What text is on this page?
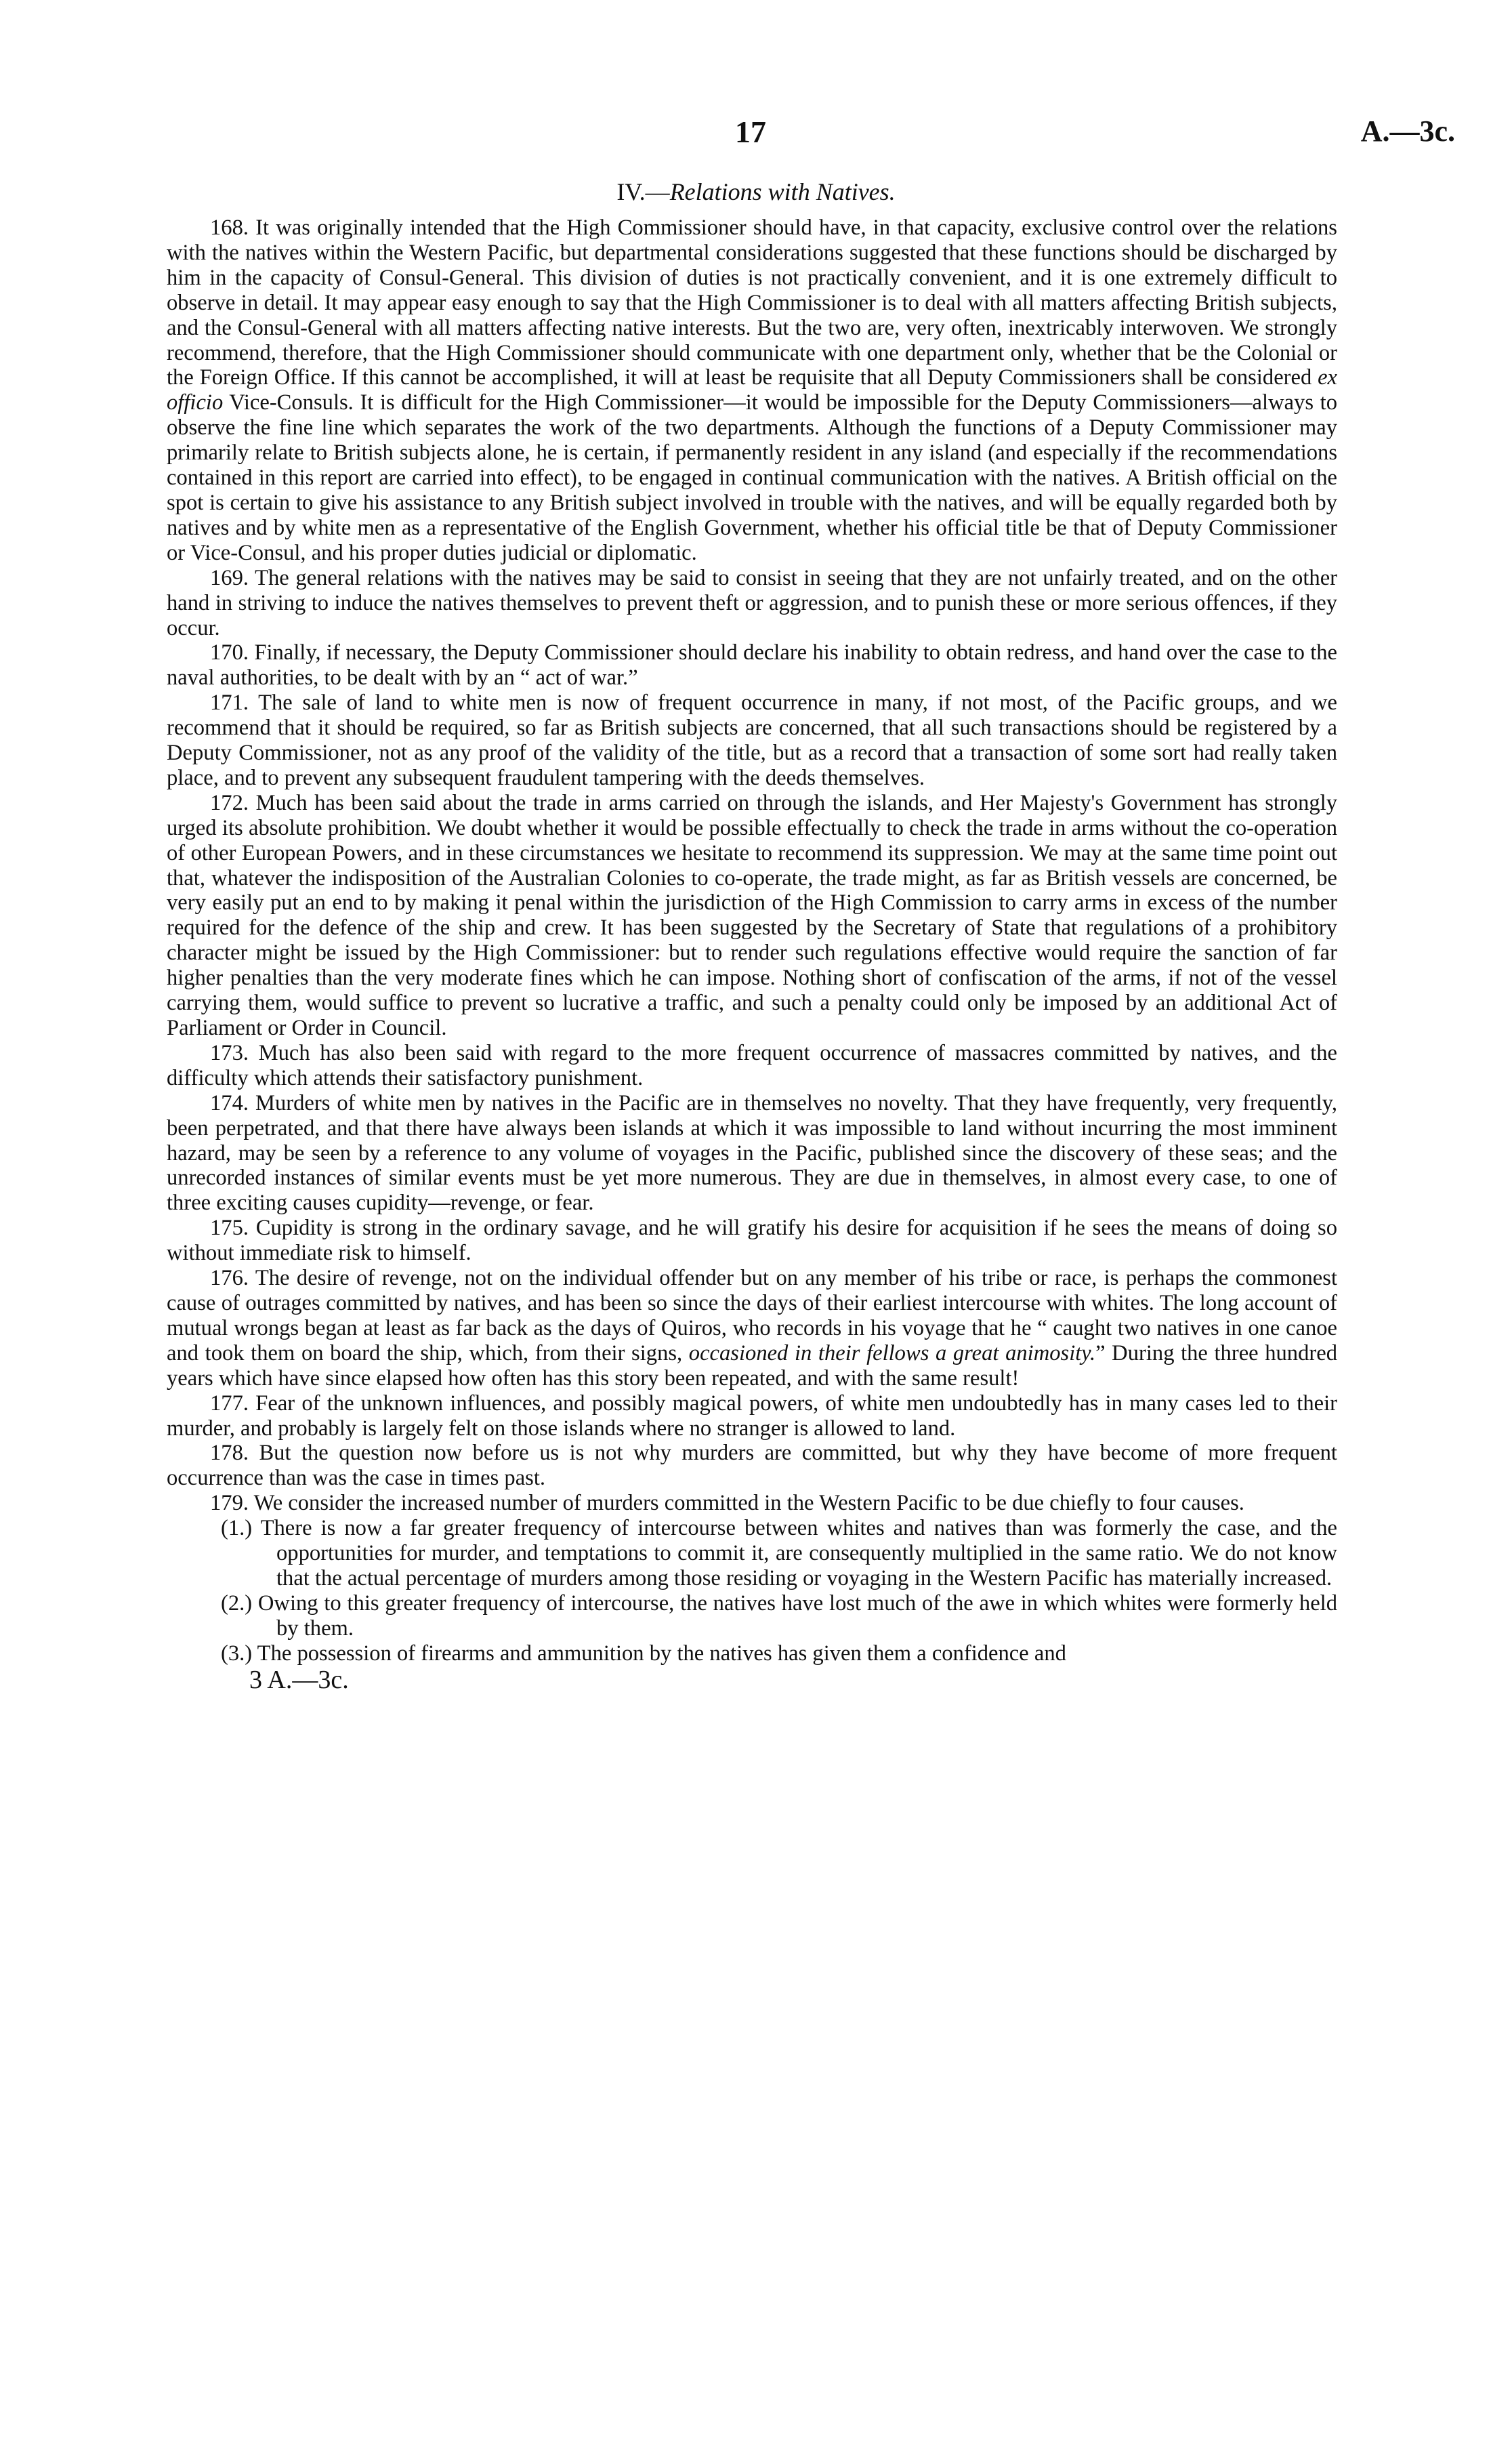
17	A.—3c.
IV.—Relations with Natives.

168. It was originally intended that the High Commissioner should have, in that capacity, exclusive control over the relations with the natives within the Western Pacific, but departmental considerations suggested that these functions should be discharged by him in the capacity of Consul-General. This division of duties is not practically convenient, and it is one extremely difficult to observe in detail. It may appear easy enough to say that the High Commissioner is to deal with all matters affecting British subjects, and the Consul-General with all matters affecting native interests. But the two are, very often, inextricably interwoven. We strongly recommend, therefore, that the High Commissioner should communicate with one department only, whether that be the Colonial or the Foreign Office. If this cannot be accomplished, it will at least be requisite that all Deputy Commissioners shall be considered ex officio Vice-Consuls. It is difficult for the High Commissioner—it would be impossible for the Deputy Commissioners—always to observe the fine line which separates the work of the two departments. Although the functions of a Deputy Commissioner may primarily relate to British subjects alone, he is certain, if permanently resident in any island (and especially if the recommendations contained in this report are carried into effect), to be engaged in continual communication with the natives. A British official on the spot is certain to give his assistance to any British subject involved in trouble with the natives, and will be equally regarded both by natives and by white men as a representative of the English Government, whether his official title be that of Deputy Commissioner or Vice-Consul, and his proper duties judicial or diplomatic.

169. The general relations with the natives may be said to consist in seeing that they are not unfairly treated, and on the other hand in striving to induce the natives themselves to prevent theft or aggression, and to punish these or more serious offences, if they occur.

170. Finally, if necessary, the Deputy Commissioner should declare his inability to obtain redress, and hand over the case to the naval authorities, to be dealt with by an “ act of war.”

171. The sale of land to white men is now of frequent occurrence in many, if not most, of the Pacific groups, and we recommend that it should be required, so far as British subjects are concerned, that all such transactions should be registered by a Deputy Commissioner, not as any proof of the validity of the title, but as a record that a transaction of some sort had really taken place, and to prevent any subsequent fraudulent tampering with the deeds themselves.

172. Much has been said about the trade in arms carried on through the islands, and Her Majesty's Government has strongly urged its absolute prohibition. We doubt whether it would be possible effectually to check the trade in arms without the co-operation of other European Powers, and in these circumstances we hesitate to recommend its suppression. We may at the same time point out that, whatever the indisposition of the Australian Colonies to co-operate, the trade might, as far as British vessels are concerned, be very easily put an end to by making it penal within the jurisdiction of the High Commission to carry arms in excess of the number required for the defence of the ship and crew. It has been suggested by the Secretary of State that regulations of a prohibitory character might be issued by the High Commissioner: but to render such regulations effective would require the sanction of far higher penalties than the very moderate fines which he can impose. Nothing short of confiscation of the arms, if not of the vessel carrying them, would suffice to prevent so lucrative a traffic, and such a penalty could only be imposed by an additional Act of Parliament or Order in Council.

173. Much has also been said with regard to the more frequent occurrence of massacres committed by natives, and the difficulty which attends their satisfactory punishment.

174. Murders of white men by natives in the Pacific are in themselves no novelty. That they have frequently, very frequently, been perpetrated, and that there have always been islands at which it was impossible to land without incurring the most imminent hazard, may be seen by a reference to any volume of voyages in the Pacific, published since the discovery of these seas; and the unrecorded instances of similar events must be yet more numerous. They are due in themselves, in almost every case, to one of three exciting causes cupidity—revenge, or fear.

175. Cupidity is strong in the ordinary savage, and he will gratify his desire for acquisition if he sees the means of doing so without immediate risk to himself.

176. The desire of revenge, not on the individual offender but on any member of his tribe or race, is perhaps the commonest cause of outrages committed by natives, and has been so since the days of their earliest intercourse with whites. The long account of mutual wrongs began at least as far back as the days of Quiros, who records in his voyage that he “ caught two natives in one canoe and took them on board the ship, which, from their signs, occasioned in their fellows a great animosity.” During the three hundred years which have since elapsed how often has this story been repeated, and with the same result!

177. Fear of the unknown influences, and possibly magical powers, of white men undoubtedly has in many cases led to their murder, and probably is largely felt on those islands where no stranger is allowed to land.

178. But the question now before us is not why murders are committed, but why they have become of more frequent occurrence than was the case in times past.

179. We consider the increased number of murders committed in the Western Pacific to be due chiefly to four causes.

(1.) There is now a far greater frequency of intercourse between whites and natives than was formerly the case, and the opportunities for murder, and temptations to commit it, are consequently multiplied in the same ratio. We do not know that the actual percentage of murders among those residing or voyaging in the Western Pacific has materially increased.

(2.) Owing to this greater frequency of intercourse, the natives have lost much of the awe in which whites were formerly held by them.

(3.) The possession of firearms and ammunition by the natives has given them a confidence and

3 A.—3c.
